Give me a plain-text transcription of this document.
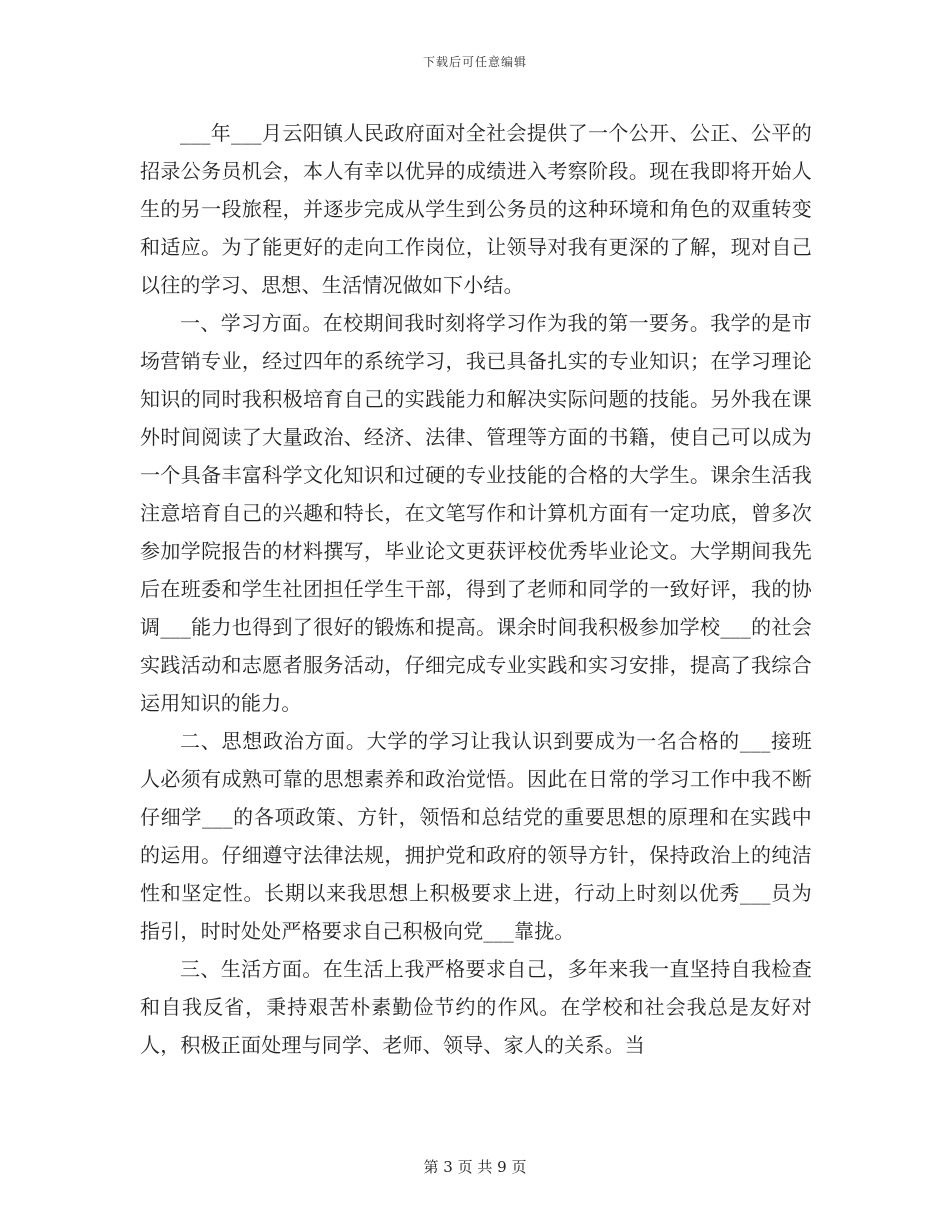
下载后可任意编辑

___年___月云阳镇人民政府面对全社会提供了一个公开、公正、公平的招录公务员机会，本人有幸以优异的成绩进入考察阶段。现在我即将开始人生的另一段旅程，并逐步完成从学生到公务员的这种环境和角色的双重转变和适应。为了能更好的走向工作岗位，让领导对我有更深的了解，现对自己以往的学习、思想、生活情况做如下小结。

一、学习方面。在校期间我时刻将学习作为我的第一要务。我学的是市场营销专业，经过四年的系统学习，我已具备扎实的专业知识；在学习理论知识的同时我积极培育自己的实践能力和解决实际问题的技能。另外我在课外时间阅读了大量政治、经济、法律、管理等方面的书籍，使自己可以成为一个具备丰富科学文化知识和过硬的专业技能的合格的大学生。课余生活我注意培育自己的兴趣和特长，在文笔写作和计算机方面有一定功底，曾多次参加学院报告的材料撰写，毕业论文更获评校优秀毕业论文。大学期间我先后在班委和学生社团担任学生干部，得到了老师和同学的一致好评，我的协调___能力也得到了很好的锻炼和提高。课余时间我积极参加学校___的社会实践活动和志愿者服务活动，仔细完成专业实践和实习安排，提高了我综合运用知识的能力。

二、思想政治方面。大学的学习让我认识到要成为一名合格的___接班人必须有成熟可靠的思想素养和政治觉悟。因此在日常的学习工作中我不断仔细学___的各项政策、方针，领悟和总结党的重要思想的原理和在实践中的运用。仔细遵守法律法规，拥护党和政府的领导方针，保持政治上的纯洁性和坚定性。长期以来我思想上积极要求上进，行动上时刻以优秀___员为指引，时时处处严格要求自己积极向党___靠拢。

三、生活方面。在生活上我严格要求自己，多年来我一直坚持自我检查和自我反省，秉持艰苦朴素勤俭节约的作风。在学校和社会我总是友好对人，积极正面处理与同学、老师、领导、家人的关系。当

第 3 页 共 9 页
